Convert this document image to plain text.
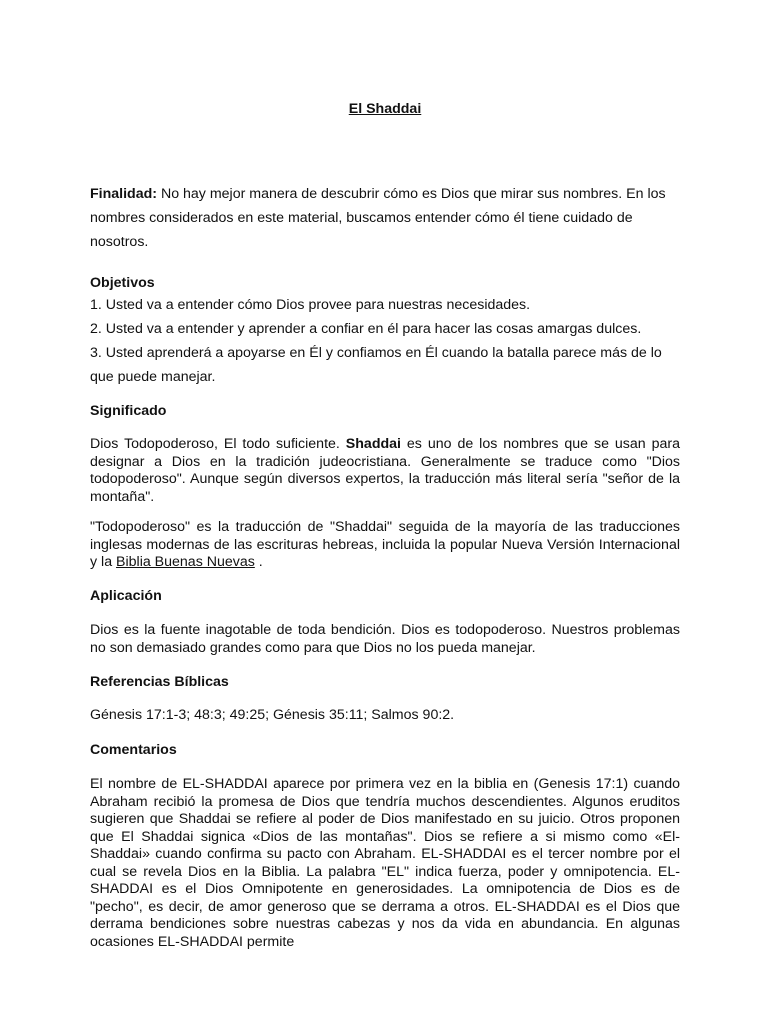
El Shaddai
Finalidad: No hay mejor manera de descubrir cómo es Dios que mirar sus nombres. En los nombres considerados en este material, buscamos entender cómo él tiene cuidado de nosotros.
Objetivos
1. Usted va a entender cómo Dios provee para nuestras necesidades.
2. Usted va a entender y aprender a confiar en él para hacer las cosas amargas dulces.
3. Usted aprenderá a apoyarse en Él y confiamos en Él cuando la batalla parece más de lo que puede manejar.
Significado
Dios Todopoderoso, El todo suficiente. Shaddai es uno de los nombres que se usan para designar a Dios en la tradición judeocristiana. Generalmente se traduce como "Dios todopoderoso". Aunque según diversos expertos, la traducción más literal sería "señor de la montaña".
"Todopoderoso" es la traducción de "Shaddai" seguida de la mayoría de las traducciones inglesas modernas de las escrituras hebreas, incluida la popular Nueva Versión Internacional y la Biblia Buenas Nuevas .
Aplicación
Dios es la fuente inagotable de toda bendición. Dios es todopoderoso. Nuestros problemas no son demasiado grandes como para que Dios no los pueda manejar.
Referencias Bíblicas
Génesis 17:1-3; 48:3; 49:25; Génesis 35:11; Salmos 90:2.
Comentarios
El nombre de EL-SHADDAI aparece por primera vez en la biblia en (Genesis 17:1) cuando Abraham recibió la promesa de Dios que tendría muchos descendientes. Algunos eruditos sugieren que Shaddai se refiere al poder de Dios manifestado en su juicio. Otros proponen que El Shaddai signica «Dios de las montañas". Dios se refiere a si mismo como «El-Shaddai» cuando confirma su pacto con Abraham. EL-SHADDAI es el tercer nombre por el cual se revela Dios en la Biblia. La palabra "EL" indica fuerza, poder y omnipotencia. EL-SHADDAI es el Dios Omnipotente en generosidades. La omnipotencia de Dios es de "pecho", es decir, de amor generoso que se derrama a otros. EL-SHADDAI es el Dios que derrama bendiciones sobre nuestras cabezas y nos da vida en abundancia. En algunas ocasiones EL-SHADDAI permite
